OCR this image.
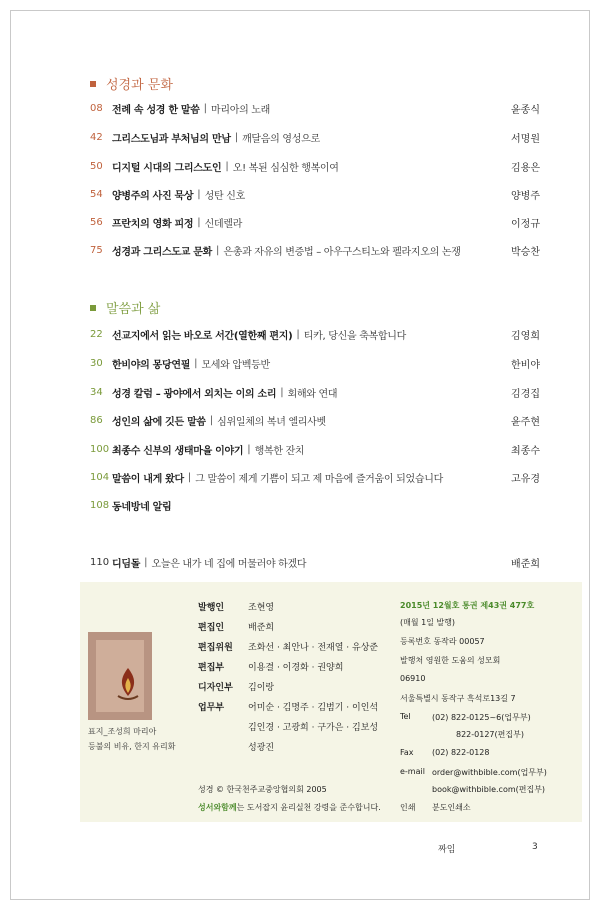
성경과 문화
08 전례 속 성경 한 말씀 | 마리아의 노래	윤종식
42 그리스도님과 부처님의 만남 | 깨달음의 영성으로	서명원
50 디지털 시대의 그리스도인 | 오! 복된 심심한 행복이여	김용은
54 양병주의 사진 묵상 | 성탄 신호	양병주
56 프란치의 영화 피정 | 신데렐라	이정규
75 성경과 그리스도교 문화 | 은총과 자유의 변증법 – 아우구스티노와 펠라지오의 논쟁	박승찬
말씀과 삶
22 선교지에서 읽는 바오로 서간(열한째 편지) | 티카, 당신을 축복합니다	김영희
30 한비야의 몽당연필 | 모세와 압벡등반	한비야
34 성경 칼럼 – 광야에서 외치는 이의 소리 | 회해와 연대	김경집
86 성인의 삶에 깃든 말씀 | 심위일체의 복녀 엘리사벳	윤주현
100 최종수 신부의 생태마을 이야기 | 행복한 잔치	최종수
104 말씀이 내게 왔다 | 그 말씀이 제게 기쁨이 되고 제 마음에 즐거움이 되었습니다	고유경
108 동네방네 알림
110 디딤돌 | 오늘은 내가 네 집에 머물러야 하겠다	배준희
표지_조성희 마리아
등불의 비유, 한지 유리화
발행인	조현영
편집인	배준희
편집위원 조화선 · 최안나 · 전재열 · 유상준
편집부	이용결 · 이경화 · 권양희
디자인부 김이랑
업무부	어미순 · 김명주 · 김범기 · 이인석
김인경 · 고광희 · 구가은 · 김보성
성광진
2015년 12월호 통권 제43권 477호
(매월 1일 발행)
등록번호 동작라 00057
발행처 영원한 도움의 성모회
06910
서울특별시 동작구 흑석로13길 7
Tel	(02) 822-0125~6(업무부)
822-0127(편집부)
Fax (02) 822-0128
e-mail order@withbible.com(업무부)
book@withbible.com(편집부)
인쇄 분도인쇄소
성경 © 한국천주교중앙협의회 2005
성서와함께는 도서잡지 윤리실천 강령을 준수합니다.
짜임	3
